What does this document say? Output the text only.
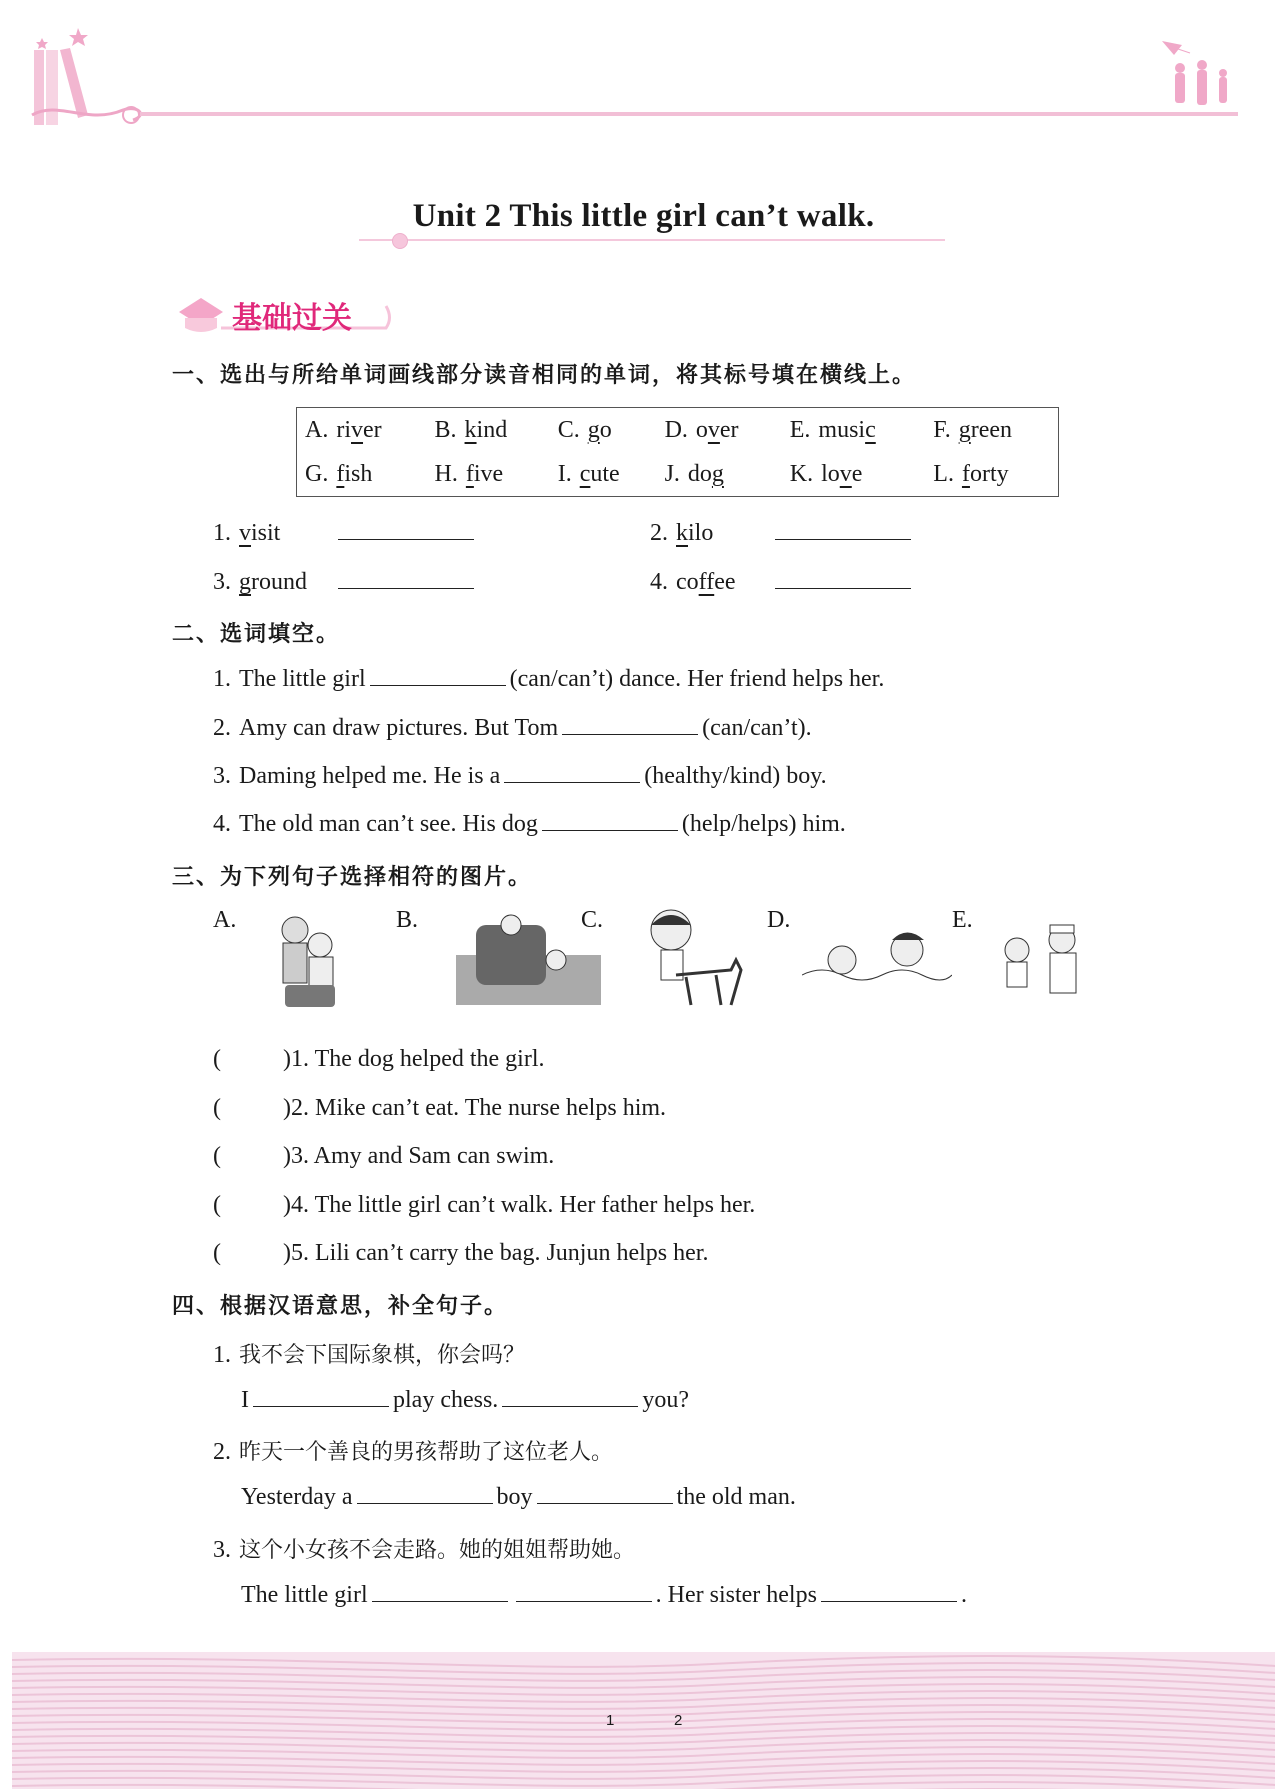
Unit 2 This little girl can’t walk.
基础过关
一、选出与所给单词画线部分读音相同的单词，将其标号填在横线上。
A. river	B. kind	C. go	D. over	E. music	F. green
G. fish	H. five	I. cute	J. dog	K. love	L. forty
1. visit	2. kilo
3. ground	4. coffee
二、选词填空。
1. The little girl	(can/can’t) dance. Her friend helps her.
2. Amy can draw pictures. But Tom	(can/can’t).
3. Daming helped me. He is a	(healthy/kind) boy.
4. The old man can’t see. His dog	(help/helps) him.
三、为下列句子选择相符的图片。
A.	B.	C.	D.	E.
(	)1. The dog helped the girl.
(	)2. Mike can’t eat. The nurse helps him.
(	)3. Amy and Sam can swim.
(	)4. The little girl can’t walk. Her father helps her.
(	)5. Lili can’t carry the bag. Junjun helps her.
四、根据汉语意思，补全句子。
1. 我不会下国际象棋，你会吗？
I	play chess.	you?
2. 昨天一个善良的男孩帮助了这位老人。
Yesterday a	boy	the old man.
3. 这个小女孩不会走路。她的姐姐帮助她。
The little girl	. Her sister helps	.
1	2
